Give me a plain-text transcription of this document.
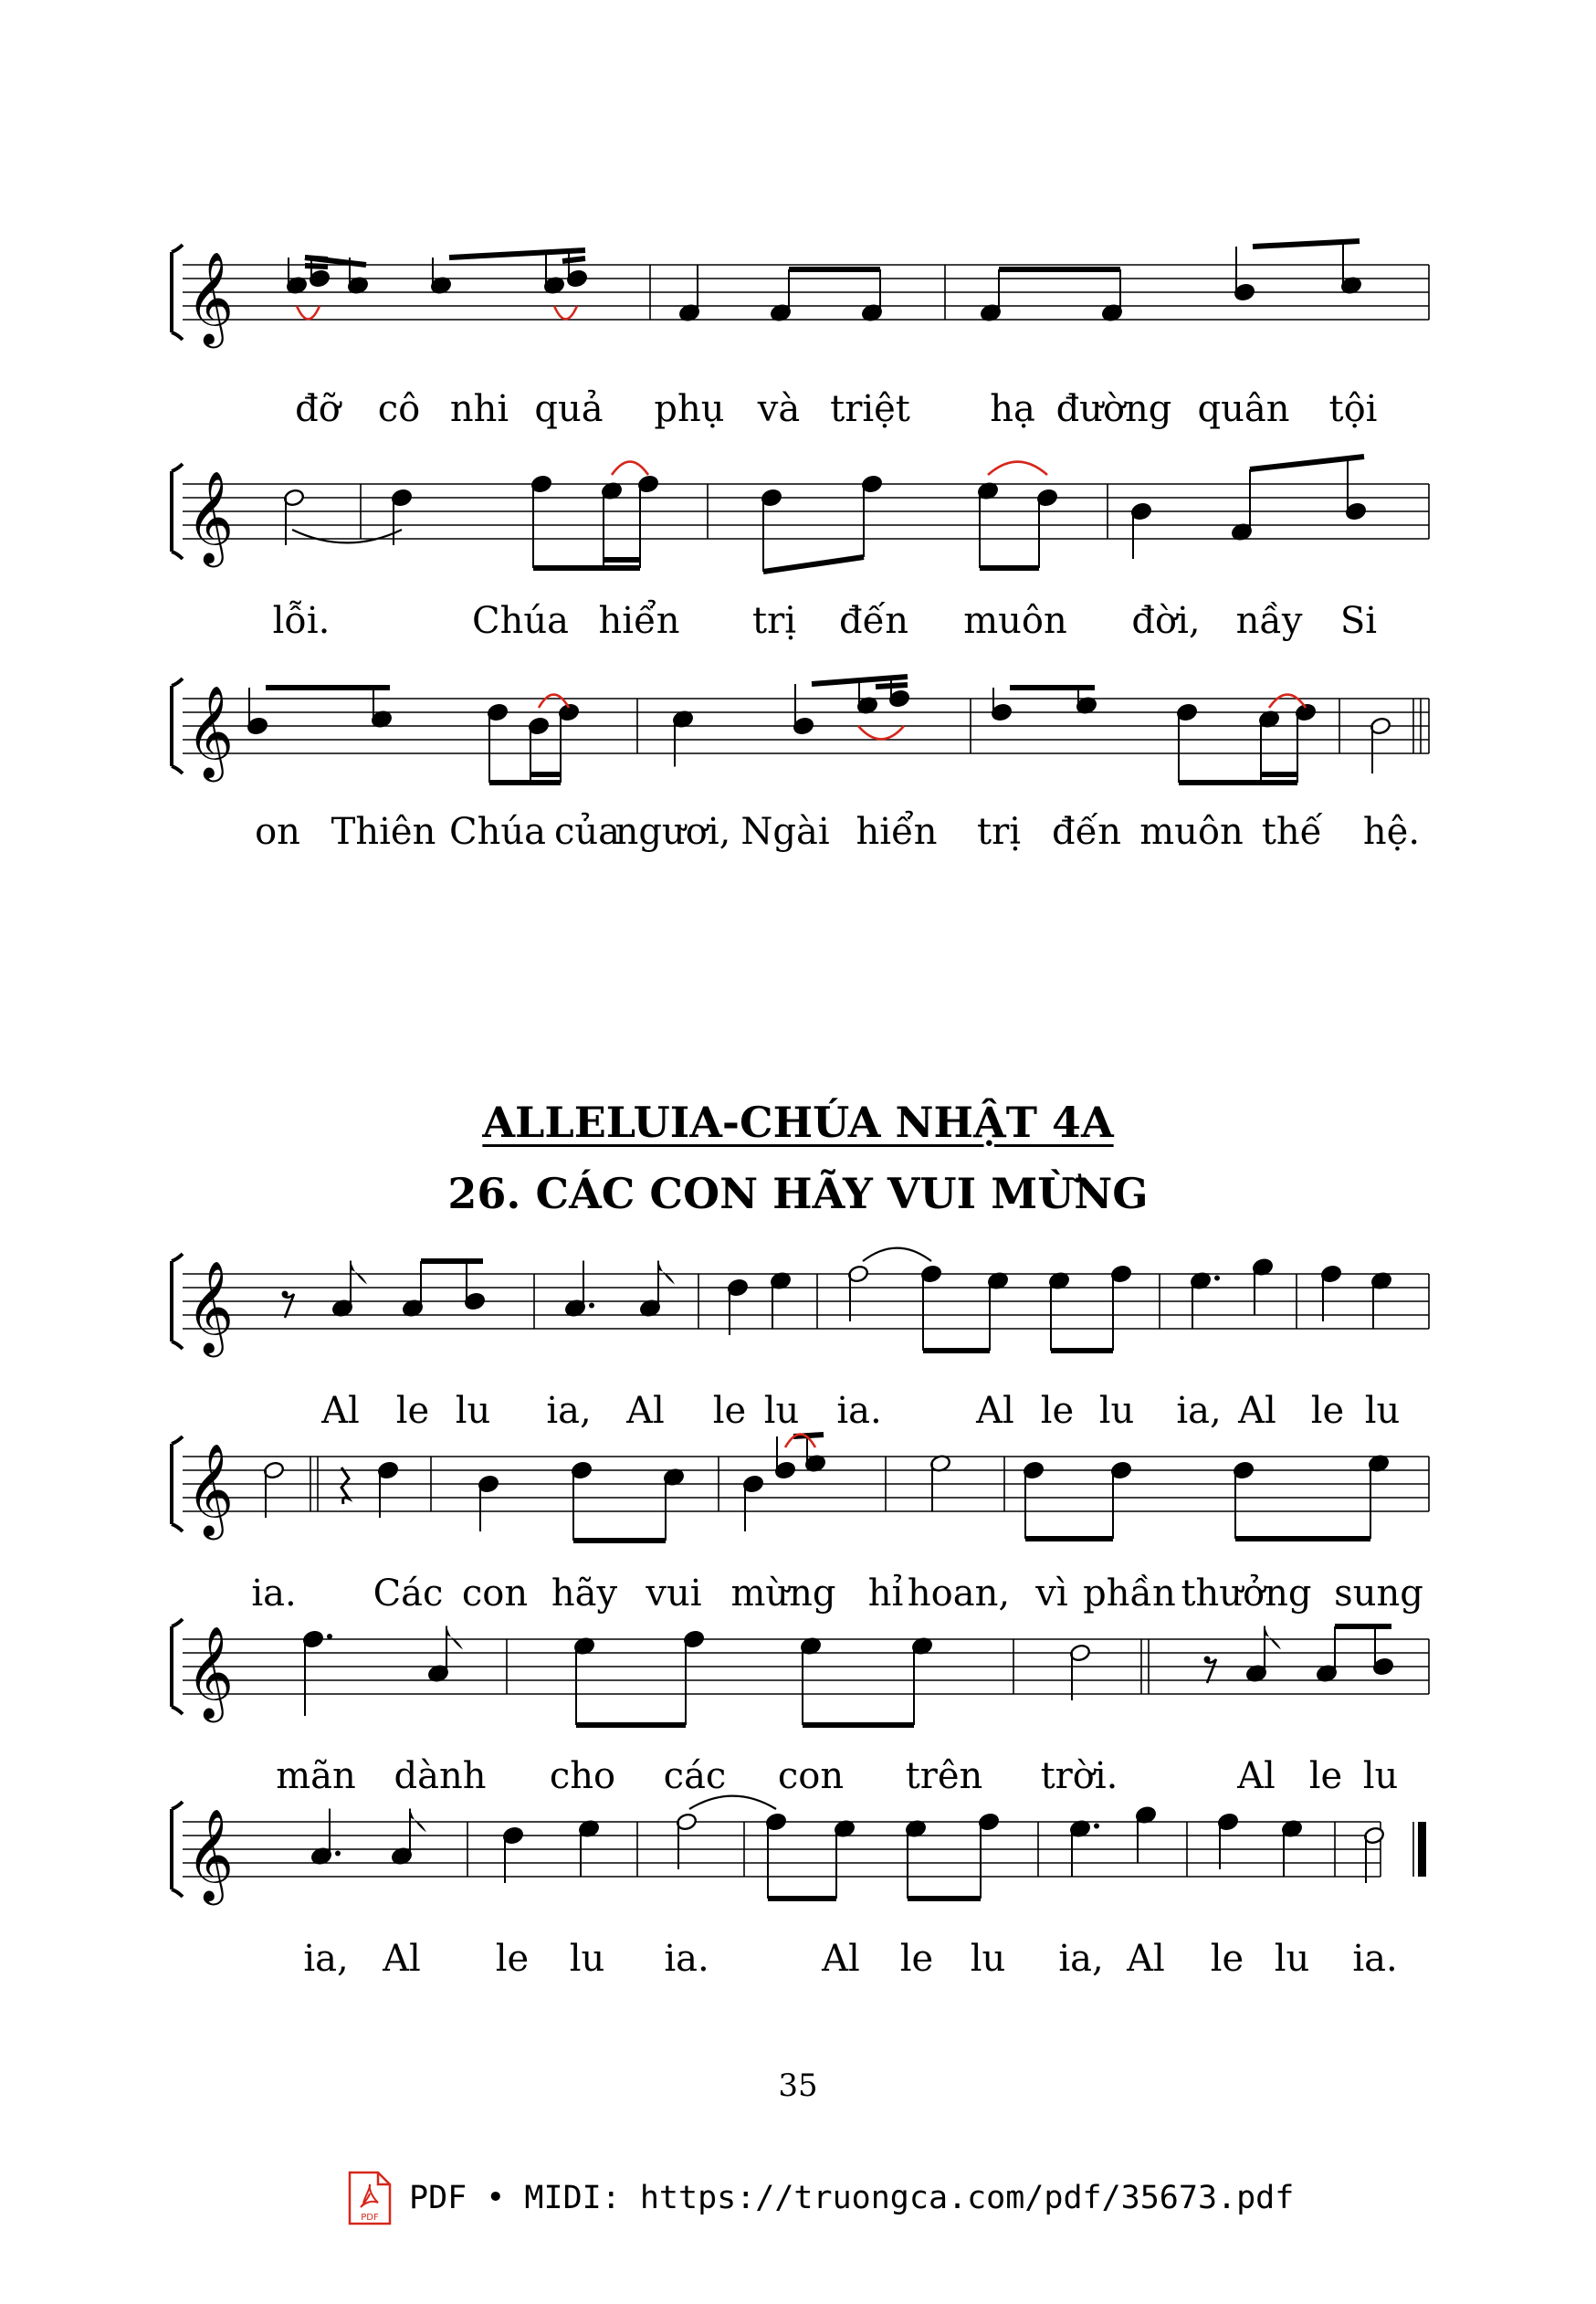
𝄞
đỡ cô nhi quả phụ và triệt hạ đường quân tội
𝄞
lỗi.	Chúa hiển trị đến muôn đời, nầy Si
𝄞
on Thiên Chúa của
ngươi, Ngài hiển trị đến muôn thế hệ.
ALLELUIA-CHÚA NHẬT 4A
26. CÁC CON HÃY VUI MỪNG
𝄞
Al le lu ia, Al le lu ia.	Al le lu ia, Al le lu
𝄞
ia. Các con hãy vui mừng hỉ hoan, vì phần thưởng sung
𝄞
mãn dành cho các con trên trời.	Al le lu
𝄞
ia, Al le lu ia.	Al le lu ia, Al le lu ia.
35
PDF
PDF • MIDI: https://truongca.com/pdf/35673.pdf
